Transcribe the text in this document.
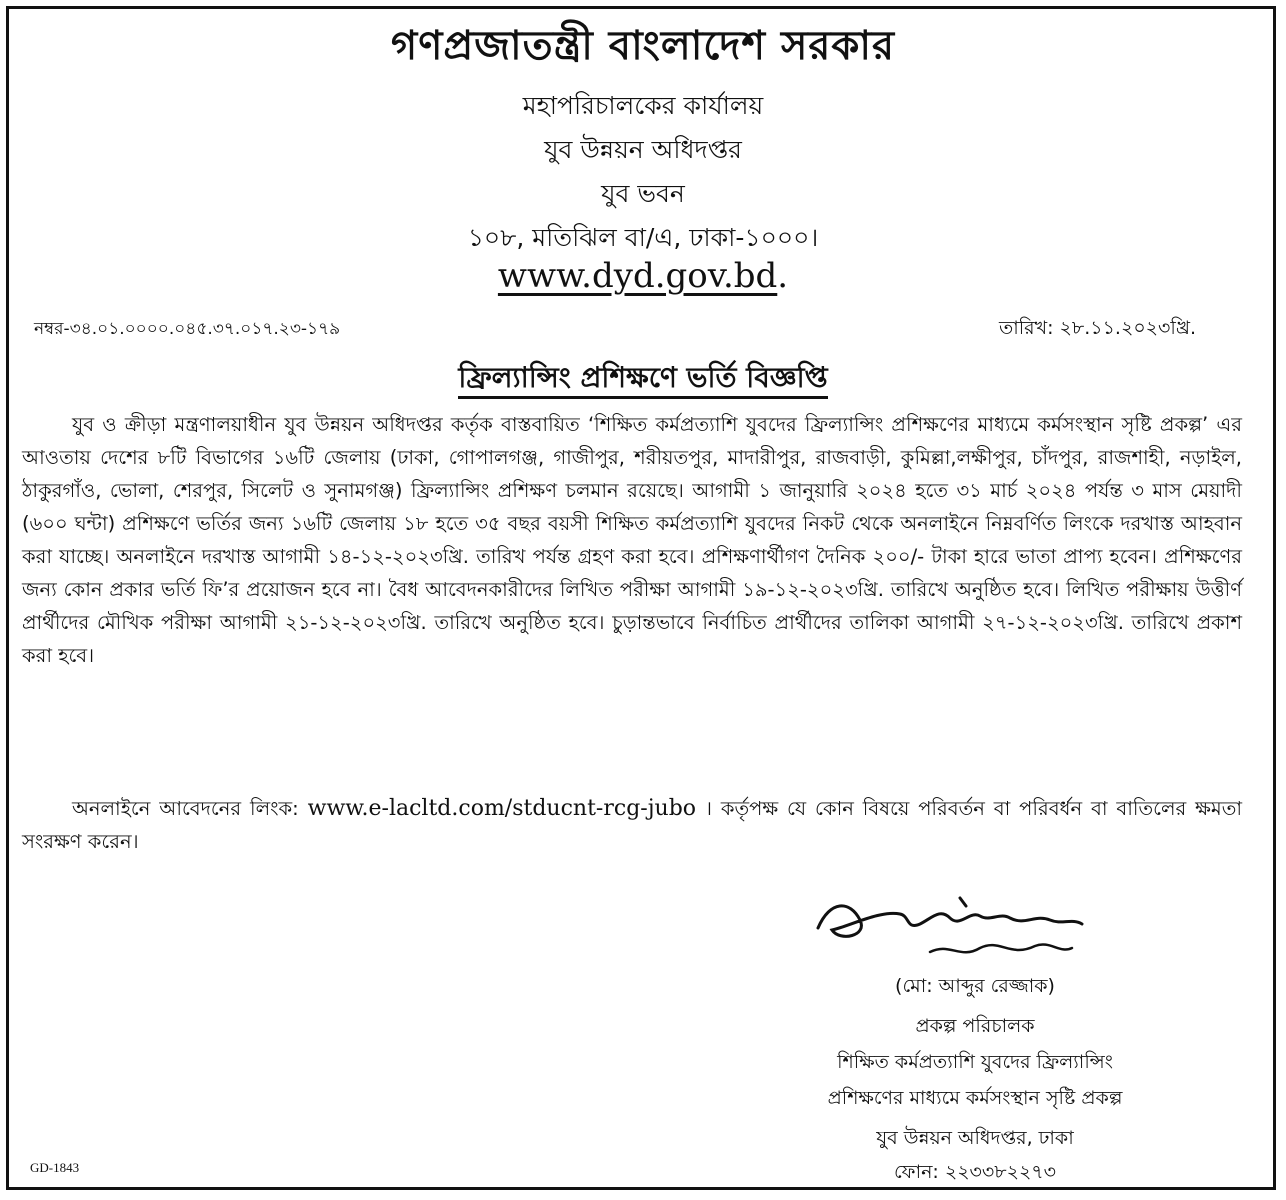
গণপ্রজাতন্ত্রী বাংলাদেশ সরকার
মহাপরিচালকের কার্যালয়
যুব উন্নয়ন অধিদপ্তর
যুব ভবন
১০৮, মতিঝিল বা/এ, ঢাকা-১০০০।
www.dyd.gov.bd.
নম্বর-৩৪.০১.০০০০.০৪৫.৩৭.০১৭.২৩-১৭৯	তারিখ: ২৮.১১.২০২৩খ্রি.
ফ্রিল্যান্সিং প্রশিক্ষণে ভর্তি বিজ্ঞপ্তি
যুব ও ক্রীড়া মন্ত্রণালয়াধীন যুব উন্নয়ন অধিদপ্তর কর্তৃক বাস্তবায়িত ‘শিক্ষিত কর্মপ্রত্যাশি যুবদের ফ্রিল্যান্সিং প্রশিক্ষণের মাধ্যমে কর্মসংস্থান সৃষ্টি প্রকল্প’ এর আওতায় দেশের ৮টি বিভাগের ১৬টি জেলায় (ঢাকা, গোপালগঞ্জ, গাজীপুর, শরীয়তপুর, মাদারীপুর, রাজবাড়ী, কুমিল্লা,লক্ষীপুর, চাঁদপুর, রাজশাহী, নড়াইল, ঠাকুরগাঁও, ভোলা, শেরপুর, সিলেট ও সুনামগঞ্জ) ফ্রিল্যান্সিং প্রশিক্ষণ চলমান রয়েছে। আগামী ১ জানুয়ারি ২০২৪ হতে ৩১ মার্চ ২০২৪ পর্যন্ত ৩ মাস মেয়াদী (৬০০ ঘন্টা) প্রশিক্ষণে ভর্তির জন্য ১৬টি জেলায় ১৮ হতে ৩৫ বছর বয়সী শিক্ষিত কর্মপ্রত্যাশি যুবদের নিকট থেকে অনলাইনে নিম্নবর্ণিত লিংকে দরখাস্ত আহবান করা যাচ্ছে। অনলাইনে দরখাস্ত আগামী ১৪-১২-২০২৩খ্রি. তারিখ পর্যন্ত গ্রহণ করা হবে। প্রশিক্ষণার্থীগণ দৈনিক ২০০/- টাকা হারে ভাতা প্রাপ্য হবেন। প্রশিক্ষণের জন্য কোন প্রকার ভর্তি ফি’র প্রয়োজন হবে না। বৈধ আবেদনকারীদের লিখিত পরীক্ষা আগামী ১৯-১২-২০২৩খ্রি. তারিখে অনুষ্ঠিত হবে। লিখিত পরীক্ষায় উত্তীর্ণ প্রার্থীদের মৌখিক পরীক্ষা আগামী ২১-১২-২০২৩খ্রি. তারিখে অনুষ্ঠিত হবে। চুড়ান্তভাবে নির্বাচিত প্রার্থীদের তালিকা আগামী ২৭-১২-২০২৩খ্রি. তারিখে প্রকাশ করা হবে।
অনলাইনে আবেদনের লিংক: www.e-lacltd.com/stducnt-rcg-jubo । কর্তৃপক্ষ যে কোন বিষয়ে পরিবর্তন বা পরিবর্ধন বা বাতিলের ক্ষমতা সংরক্ষণ করেন।
(মো: আব্দুর রেজ্জাক)
প্রকল্প পরিচালক
শিক্ষিত কর্মপ্রত্যাশি যুবদের ফ্রিল্যান্সিং
প্রশিক্ষণের মাধ্যমে কর্মসংস্থান সৃষ্টি প্রকল্প
যুব উন্নয়ন অধিদপ্তর, ঢাকা
ফোন: ২২৩৩৮২২৭৩
GD-1843
